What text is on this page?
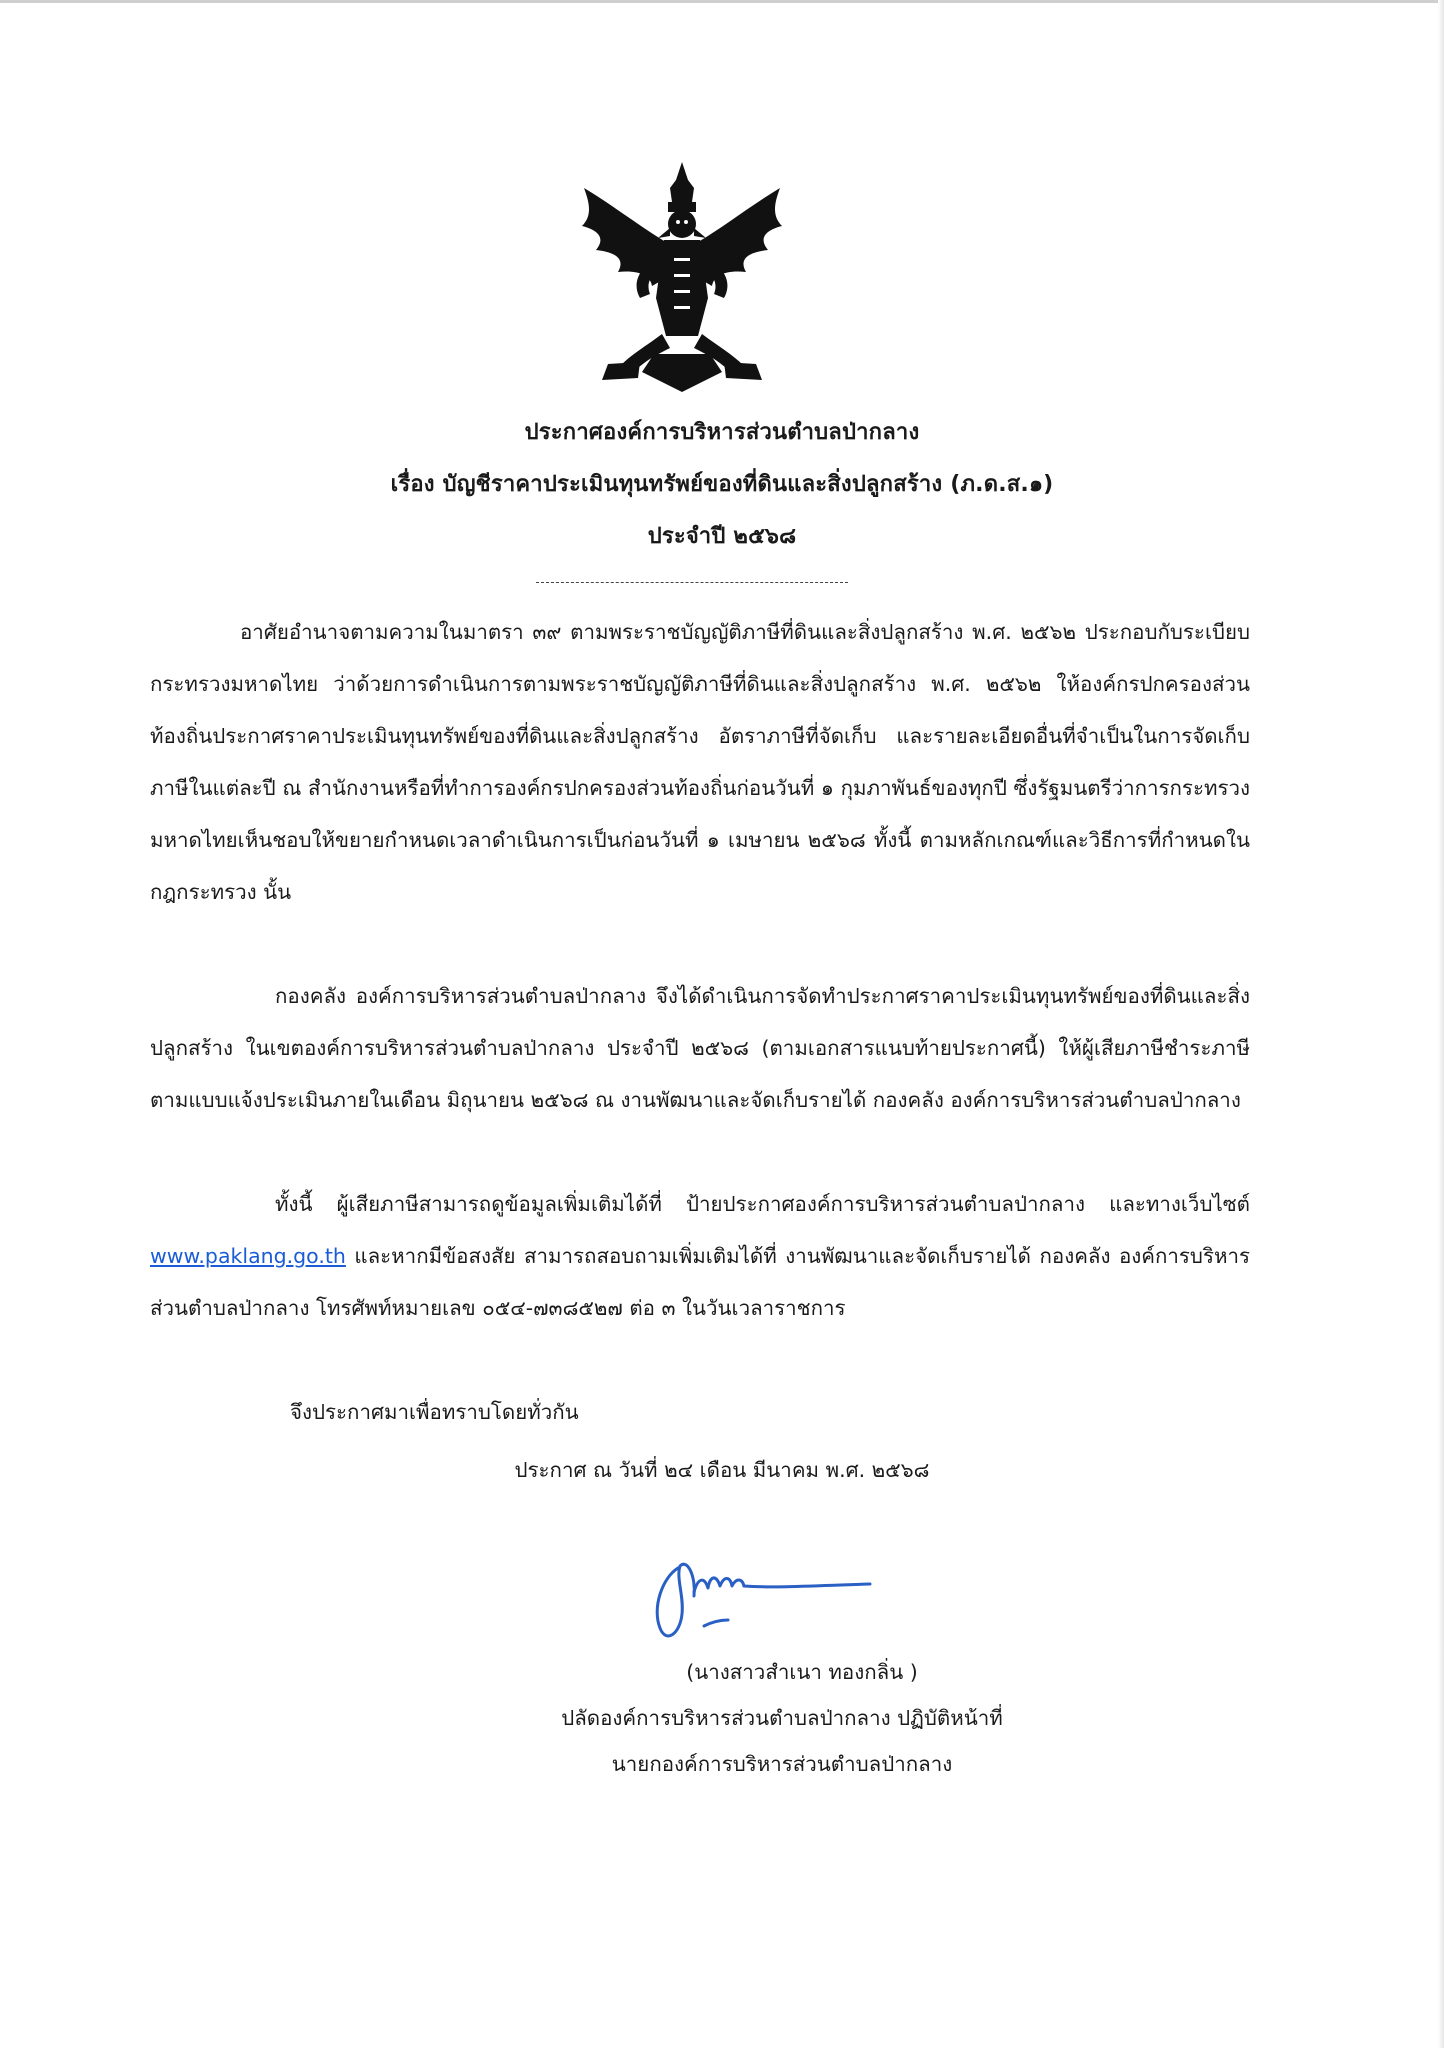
ประกาศองค์การบริหารส่วนตำบลป่ากลาง
เรื่อง บัญชีราคาประเมินทุนทรัพย์ของที่ดินและสิ่งปลูกสร้าง (ภ.ด.ส.๑)
ประจำปี ๒๕๖๘
อาศัยอำนาจตามความในมาตรา ๓๙ ตามพระราชบัญญัติภาษีที่ดินและสิ่งปลูกสร้าง พ.ศ. ๒๕๖๒ ประกอบกับระเบียบกระทรวงมหาดไทย ว่าด้วยการดำเนินการตามพระราชบัญญัติภาษีที่ดินและสิ่งปลูกสร้าง พ.ศ. ๒๕๖๒ ให้องค์กรปกครองส่วนท้องถิ่นประกาศราคาประเมินทุนทรัพย์ของที่ดินและสิ่งปลูกสร้าง อัตราภาษีที่จัดเก็บ และรายละเอียดอื่นที่จำเป็นในการจัดเก็บภาษีในแต่ละปี ณ สำนักงานหรือที่ทำการองค์กรปกครองส่วนท้องถิ่นก่อนวันที่ ๑ กุมภาพันธ์ของทุกปี ซึ่งรัฐมนตรีว่าการกระทรวงมหาดไทยเห็นชอบให้ขยายกำหนดเวลาดำเนินการเป็นก่อนวันที่ ๑ เมษายน ๒๕๖๘ ทั้งนี้ ตามหลักเกณฑ์และวิธีการที่กำหนดในกฎกระทรวง นั้น
กองคลัง องค์การบริหารส่วนตำบลป่ากลาง จึงได้ดำเนินการจัดทำประกาศราคาประเมินทุนทรัพย์ของที่ดินและสิ่งปลูกสร้าง ในเขตองค์การบริหารส่วนตำบลป่ากลาง ประจำปี ๒๕๖๘ (ตามเอกสารแนบท้ายประกาศนี้) ให้ผู้เสียภาษีชำระภาษีตามแบบแจ้งประเมินภายในเดือน มิถุนายน ๒๕๖๘ ณ งานพัฒนาและจัดเก็บรายได้ กองคลัง องค์การบริหารส่วนตำบลป่ากลาง
ทั้งนี้ ผู้เสียภาษีสามารถดูข้อมูลเพิ่มเติมได้ที่ ป้ายประกาศองค์การบริหารส่วนตำบลป่ากลาง และทางเว็บไซต์ www.paklang.go.th และหากมีข้อสงสัย สามารถสอบถามเพิ่มเติมได้ที่ งานพัฒนาและจัดเก็บรายได้ กองคลัง องค์การบริหารส่วนตำบลป่ากลาง โทรศัพท์หมายเลข ๐๕๔-๗๓๘๕๒๗ ต่อ ๓ ในวันเวลาราชการ
จึงประกาศมาเพื่อทราบโดยทั่วกัน
ประกาศ ณ วันที่ ๒๔ เดือน มีนาคม พ.ศ. ๒๕๖๘
(นางสาวสำเนา ทองกลิ่น )
ปลัดองค์การบริหารส่วนตำบลป่ากลาง ปฏิบัติหน้าที่
นายกองค์การบริหารส่วนตำบลป่ากลาง
